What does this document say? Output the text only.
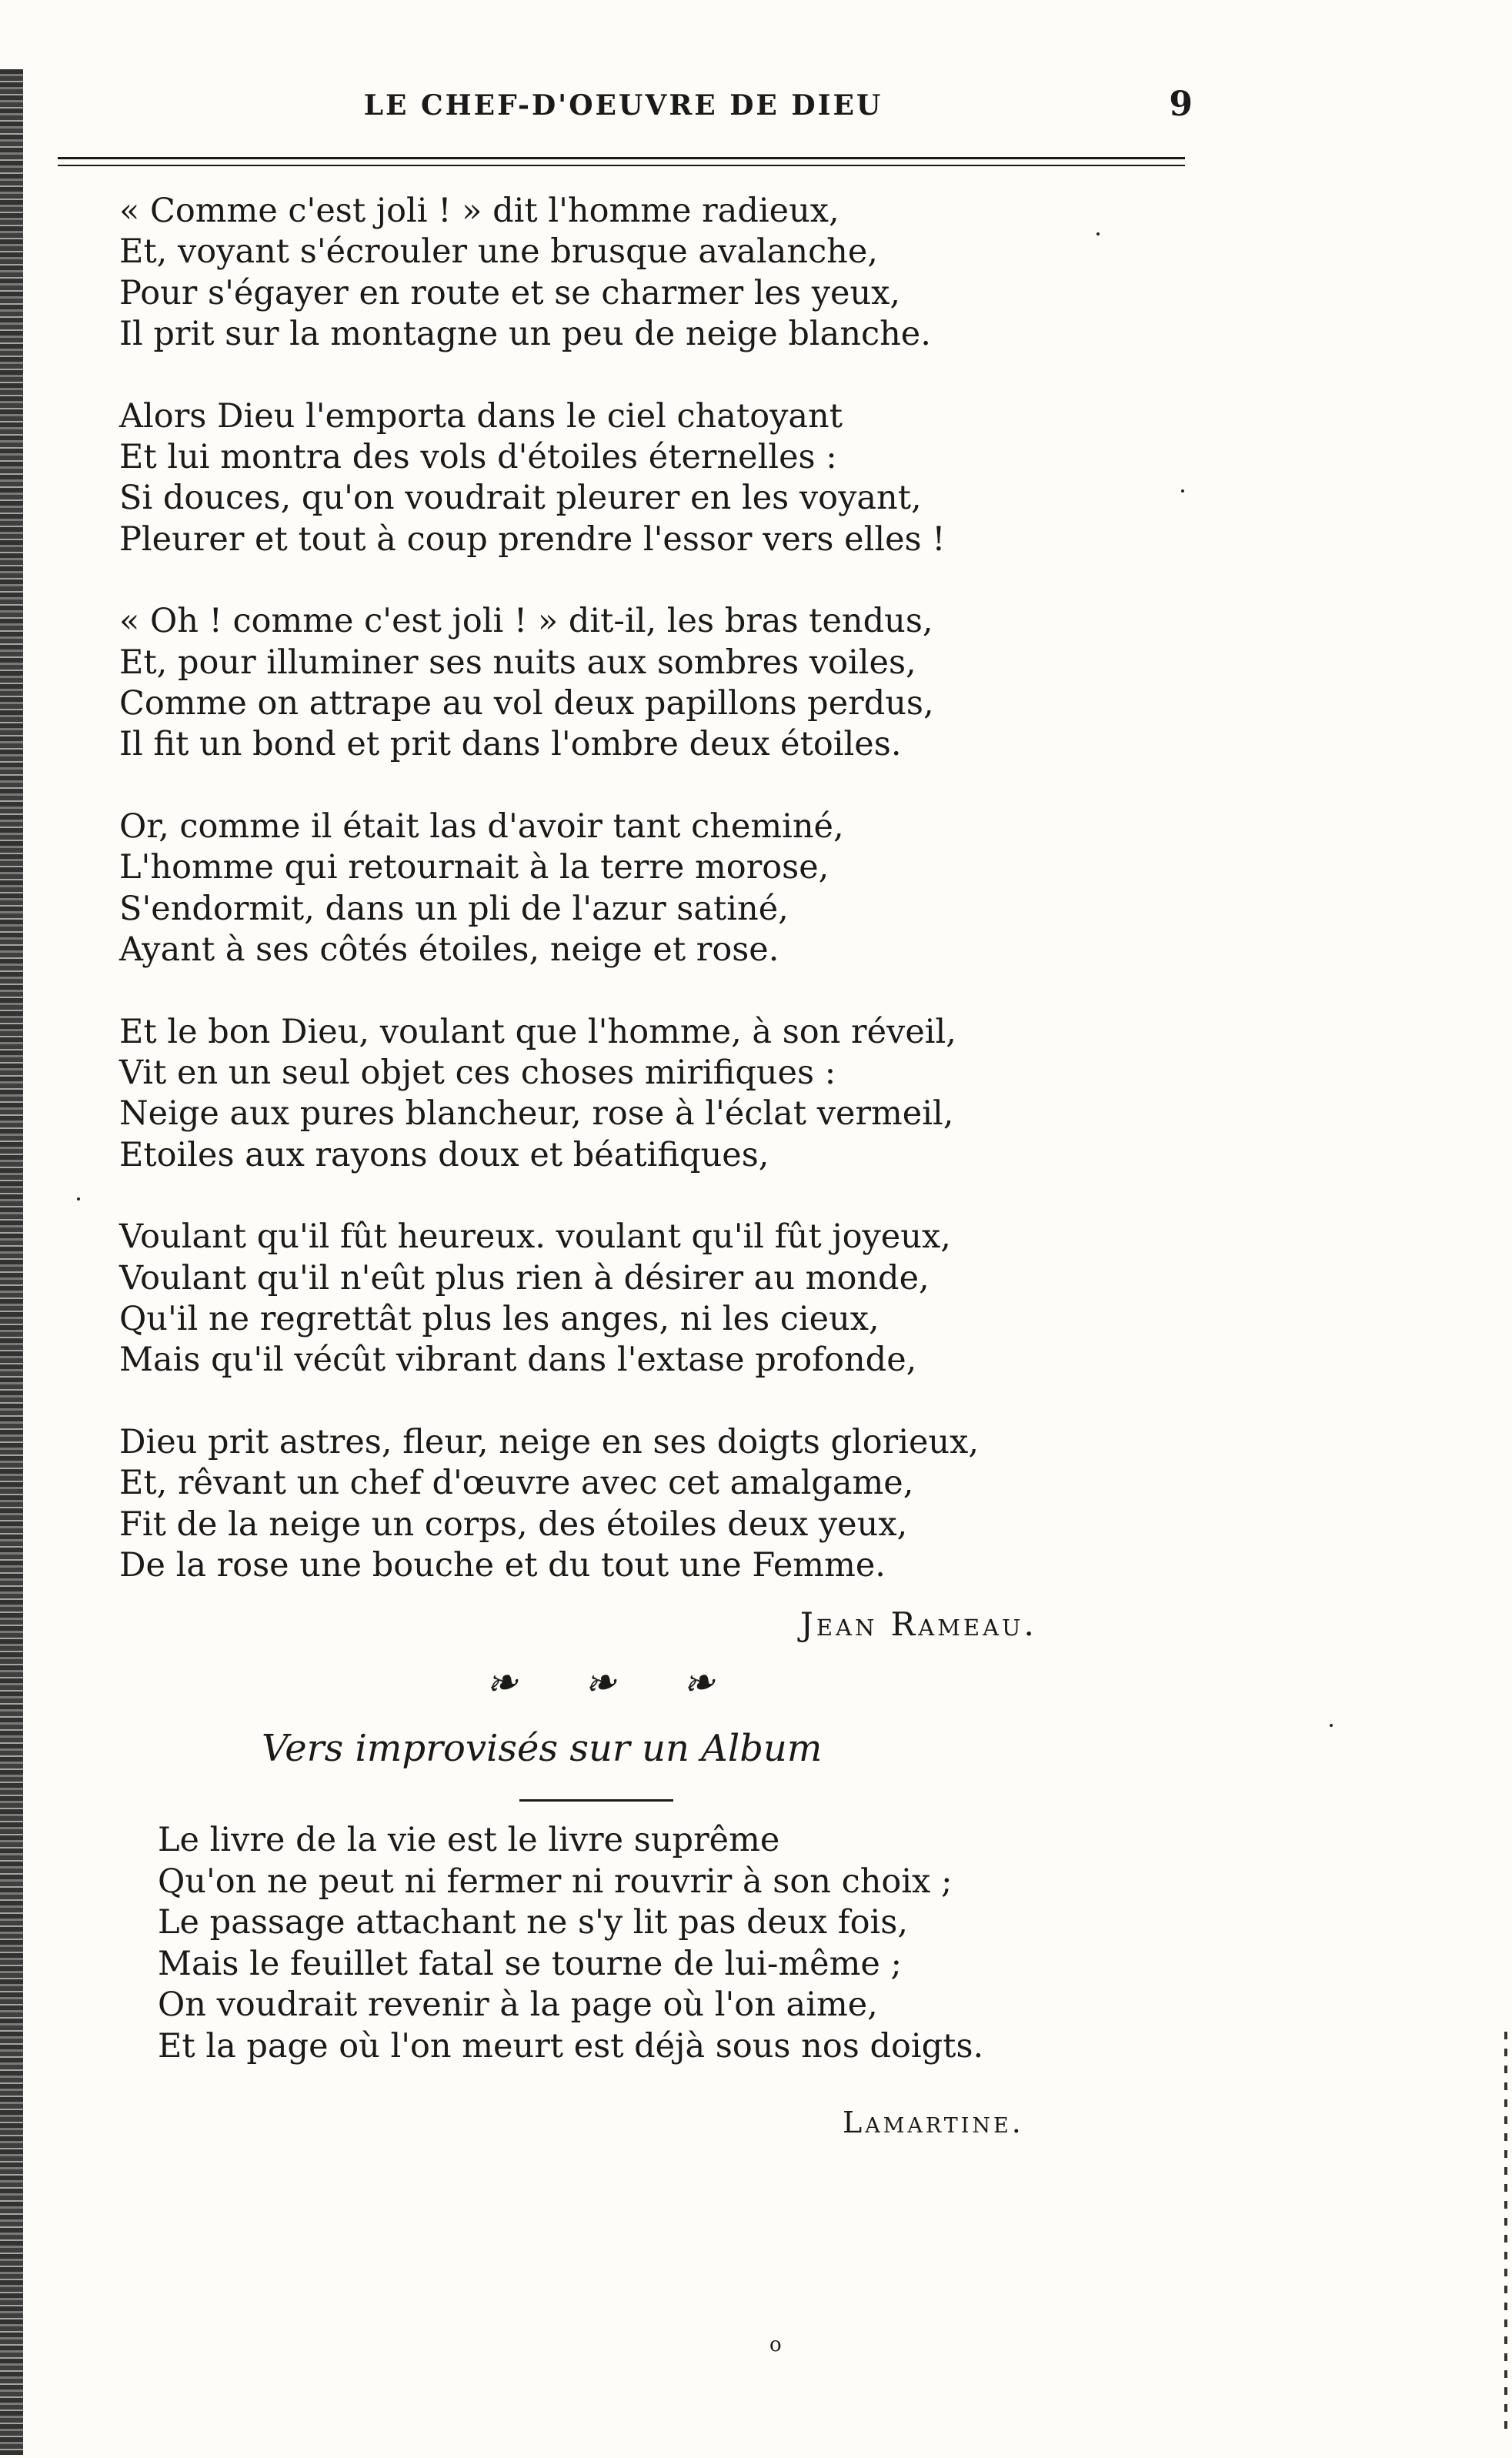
LE CHEF-D'OEUVRE DE DIEU	9
« Comme c'est joli ! » dit l'homme radieux,
Et, voyant s'écrouler une brusque avalanche,
Pour s'égayer en route et se charmer les yeux,
Il prit sur la montagne un peu de neige blanche.
Alors Dieu l'emporta dans le ciel chatoyant
Et lui montra des vols d'étoiles éternelles :
Si douces, qu'on voudrait pleurer en les voyant,
Pleurer et tout à coup prendre l'essor vers elles !
« Oh ! comme c'est joli ! » dit-il, les bras tendus,
Et, pour illuminer ses nuits aux sombres voiles,
Comme on attrape au vol deux papillons perdus,
Il fit un bond et prit dans l'ombre deux étoiles.
Or, comme il était las d'avoir tant cheminé,
L'homme qui retournait à la terre morose,
S'endormit, dans un pli de l'azur satiné,
Ayant à ses côtés étoiles, neige et rose.
Et le bon Dieu, voulant que l'homme, à son réveil,
Vit en un seul objet ces choses mirifiques :
Neige aux pures blancheur, rose à l'éclat vermeil,
Etoiles aux rayons doux et béatifiques,
Voulant qu'il fût heureux. voulant qu'il fût joyeux,
Voulant qu'il n'eût plus rien à désirer au monde,
Qu'il ne regrettât plus les anges, ni les cieux,
Mais qu'il vécût vibrant dans l'extase profonde,
Dieu prit astres, fleur, neige en ses doigts glorieux,
Et, rêvant un chef d'œuvre avec cet amalgame,
Fit de la neige un corps, des étoiles deux yeux,
De la rose une bouche et du tout une Femme.
Jean Rameau.
❧ ❧ ❧
Vers improvisés sur un Album
Le livre de la vie est le livre suprême
Qu'on ne peut ni fermer ni rouvrir à son choix ;
Le passage attachant ne s'y lit pas deux fois,
Mais le feuillet fatal se tourne de lui-même ;
On voudrait revenir à la page où l'on aime,
Et la page où l'on meurt est déjà sous nos doigts.
Lamartine.
o
